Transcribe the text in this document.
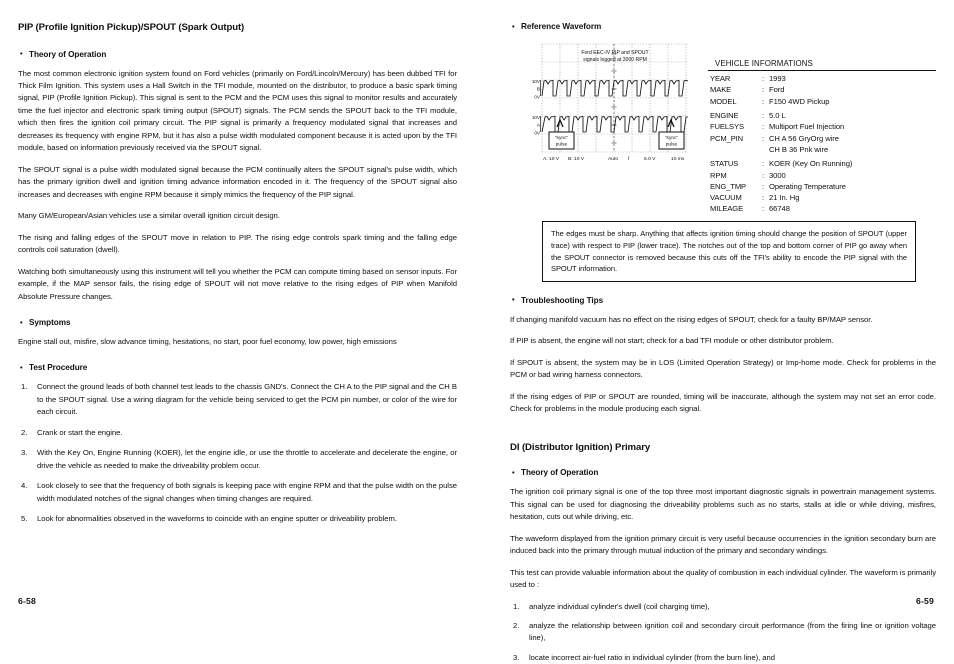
PIP (Profile Ignition Pickup)/SPOUT (Spark Output)
• Theory of Operation

The most common electronic ignition system found on Ford vehicles (primarily on Ford/Lincoln/Mercury) has been dubbed TFI for Thick Film Ignition. This system uses a Hall Switch in the TFI module, mounted on the distributor, to produce a basic spark timing signal, PIP (Profile Ignition Pickup). This signal is sent to the PCM and the PCM uses this signal to monitor results and accurately time the fuel injector and electronic spark timing output (SPOUT) signals. The PCM sends the SPOUT back to the TFI module, which then fires the ignition coil primary circuit. The PIP signal is primarily a frequency modulated signal that increases and decreases its frequency with engine RPM, but it has also a pulse width modulated component because it is acted upon by the TFI module, based on information previously received via the SPOUT signal.

The SPOUT signal is a pulse width modulated signal because the PCM continually alters the SPOUT signal's pulse width, which has the primary ignition dwell and ignition timing advance information encoded in it. The frequency of the SPOUT signal also increases and decreases with engine RPM because it simply mimics the frequency of the PIP signal.

Many GM/European/Asian vehicles use a similar overall ignition circuit design.

The rising and falling edges of the SPOUT move in relation to PIP. The rising edge controls spark timing and the falling edge controls coil saturation (dwell).

Watching both simultaneously using this instrument will tell you whether the PCM can compute timing based on sensor inputs. For example, if the MAP sensor fails, the rising edge of SPOUT will not move relative to the rising edges of PIP when Manifold Absolute Pressure changes.

• Symptoms

Engine stall out, misfire, slow advance timing, hesitations, no start, poor fuel economy, low power, high emissions

• Test Procedure
Connect the ground leads of both channel test leads to the chassis GND's. Connect the CH A to the PIP signal and the CH B to the SPOUT signal. Use a wiring diagram for the vehicle being serviced to get the PCM pin number, or color of the wire for each circuit.
Crank or start the engine.
With the Key On, Engine Running (KOER), let the engine idle, or use the throttle to accelerate and decelerate the engine, or drive the vehicle as needed to make the driveability problem occur.
Look closely to see that the frequency of both signals is keeping pace with engine RPM and that the pulse width on the pulse width modulated notches of the signal changes when timing changes are required.
Look for abnormalities observed in the waveforms to coincide with an engine sputter or driveability problem.
6-58
• Reference Waveform
Ford EEC-IV PIP and SPOUT
signals logged at 3000 RPM
10V
B
0V
10V
A
0V
"sync"
pulse
"sync"
pulse
A: 10 V B: 10 V	Auto f	6.0 V	10 ms
VEHICLE INFORMATIONS
YEAR	:	1993
MAKE	:	Ford
MODEL	:	F150 4WD Pickup
ENGINE	:	5.0 L
FUELSYS	:	Multiport Fuel Injection
PCM_PIN	:	CH A 56 GryOrg wire
		CH B 36 Pnk wire
STATUS	:	KOER (Key On Running)
RPM	:	3000
ENG_TMP	:	Operating Temperature
VACUUM	:	21 In. Hg
MILEAGE	:	66748

The edges must be sharp. Anything that affects ignition timing should change the position of SPOUT (upper trace) with respect to PIP (lower trace). The notches out of the top and bottom corner of PIP go away when the SPOUT connector is removed because this cuts off the TFI's ability to encode the PIP signal with the SPOUT information.

• Troubleshooting Tips

If changing manifold vacuum has no effect on the rising edges of SPOUT, check for a faulty BP/MAP sensor.

If PIP is absent, the engine will not start; check for a bad TFI module or other distributor problem.

If SPOUT is absent, the system may be in LOS (Limited Operation Strategy) or Imp-home mode. Check for problems in the PCM or bad wiring harness connectors.

If the rising edges of PIP or SPOUT are rounded, timing will be inaccurate, although the system may not set an error code. Check for problems in the module producing each signal.

DI (Distributor Ignition) Primary
• Theory of Operation

The ignition coil primary signal is one of the top three most important diagnostic signals in powertrain management systems. This signal can be used for diagnosing the driveability problems such as no starts, stalls at idle or while driving, misfires, hesitation, cuts out while driving, etc.

The waveform displayed from the ignition primary circuit is very useful because occurrencies in the ignition secondary burn are induced back into the primary through mutual induction of the primary and secondary windings.

This test can provide valuable information about the quality of combustion in each individual cylinder. The waveform is primarily used to :

analyze individual cylinder's dwell (coil charging time),
analyze the relationship between ignition coil and secondary circuit performance (from the firing line or ignition voltage line),
locate incorrect air-fuel ratio in individual cylinder (from the burn line), and
6-59
